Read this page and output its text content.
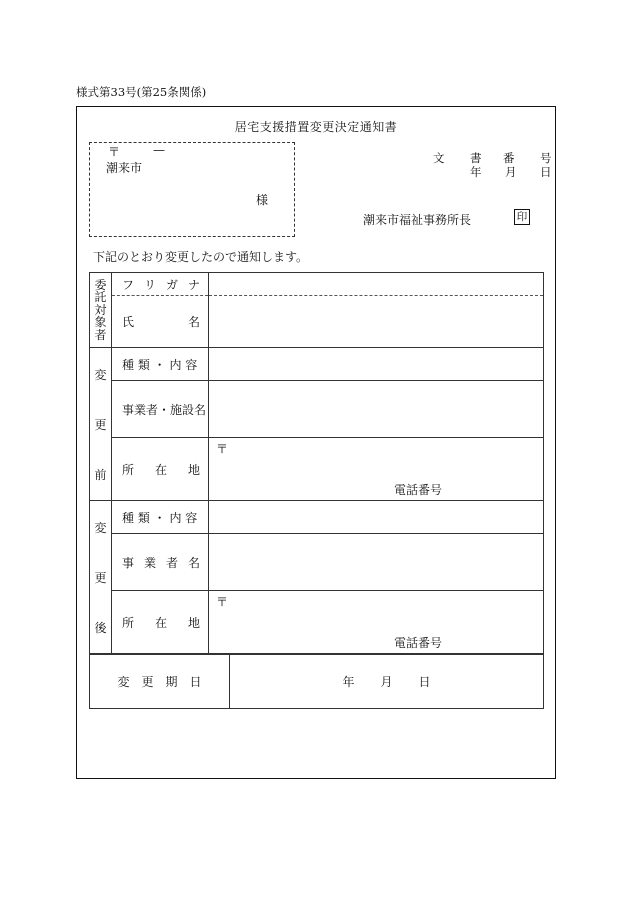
様式第33号(第25条関係)
居宅支援措置変更決定通知書
〒	—
潮来市
様
文 書 番 号
年 月 日
潮来市福祉事務所長	印
下記のとおり変更したので通知します。
委
託
対
象
者	フ リ ガ ナ	

	氏 名	

変
更
前	種 類 ・ 内 容	

	事業者・施設名	

	所 在 地	〒
電話番号

変
更
後	種 類 ・ 内 容	

	事 業 者 名	

	所 在 地	〒
電話番号
変更期日	年 月 日
